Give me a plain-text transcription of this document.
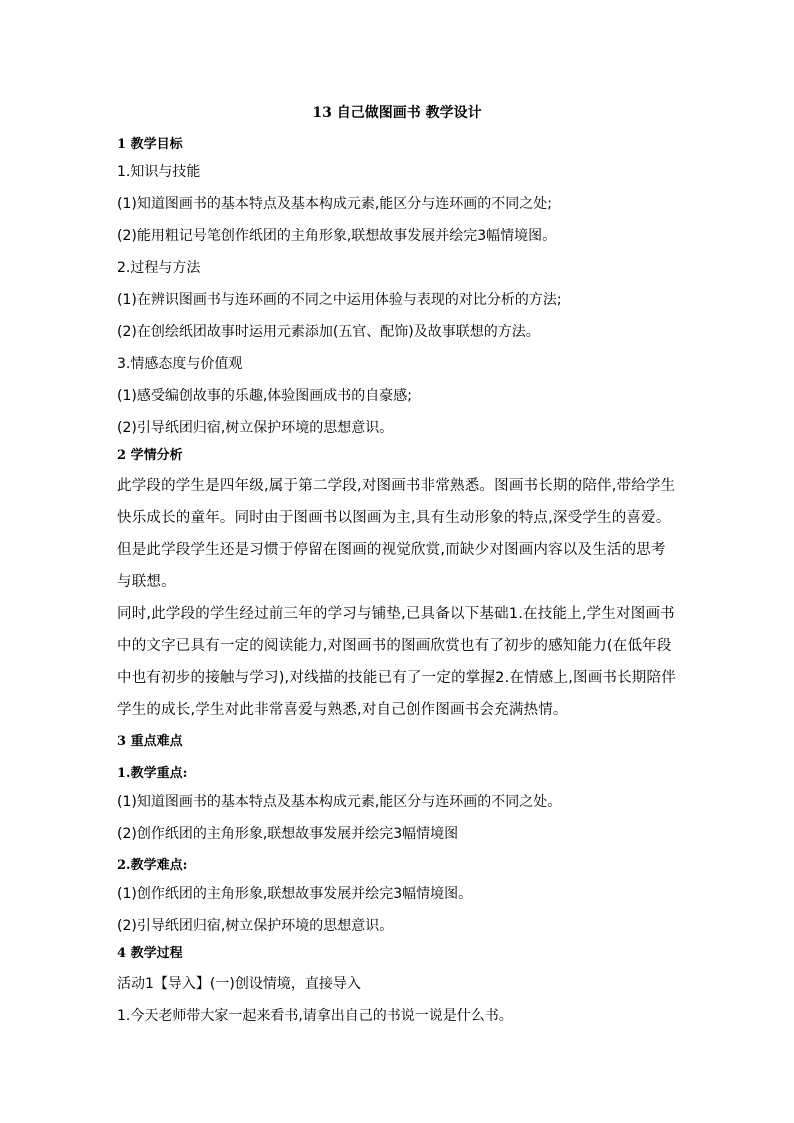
13 自己做图画书 教学设计
1 教学目标
1.知识与技能
(1)知道图画书的基本特点及基本构成元素,能区分与连环画的不同之处;
(2)能用粗记号笔创作纸团的主角形象,联想故事发展并绘完3幅情境图。
2.过程与方法
(1)在辨识图画书与连环画的不同之中运用体验与表现的对比分析的方法;
(2)在创绘纸团故事时运用元素添加(五官、配饰)及故事联想的方法。
3.情感态度与价值观
(1)感受编创故事的乐趣,体验图画成书的自豪感;
(2)引导纸团归宿,树立保护环境的思想意识。
2 学情分析
此学段的学生是四年级,属于第二学段,对图画书非常熟悉。图画书长期的陪伴,带给学生
快乐成长的童年。同时由于图画书以图画为主,具有生动形象的特点,深受学生的喜爱。
但是此学段学生还是习惯于停留在图画的视觉欣赏,而缺少对图画内容以及生活的思考
与联想。
同时,此学段的学生经过前三年的学习与铺垫,已具备以下基础1.在技能上,学生对图画书
中的文字已具有一定的阅读能力,对图画书的图画欣赏也有了初步的感知能力(在低年段
中也有初步的接触与学习),对线描的技能已有了一定的掌握2.在情感上,图画书长期陪伴
学生的成长,学生对此非常喜爱与熟悉,对自己创作图画书会充满热情。
3 重点难点
1.教学重点:
(1)知道图画书的基本特点及基本构成元素,能区分与连环画的不同之处。
(2)创作纸团的主角形象,联想故事发展并绘完3幅情境图
2.教学难点:
(1)创作纸团的主角形象,联想故事发展并绘完3幅情境图。
(2)引导纸团归宿,树立保护环境的思想意识。
4 教学过程
活动1【导入】(一)创设情境，直接导入
1.今天老师带大家一起来看书,请拿出自己的书说一说是什么书。
